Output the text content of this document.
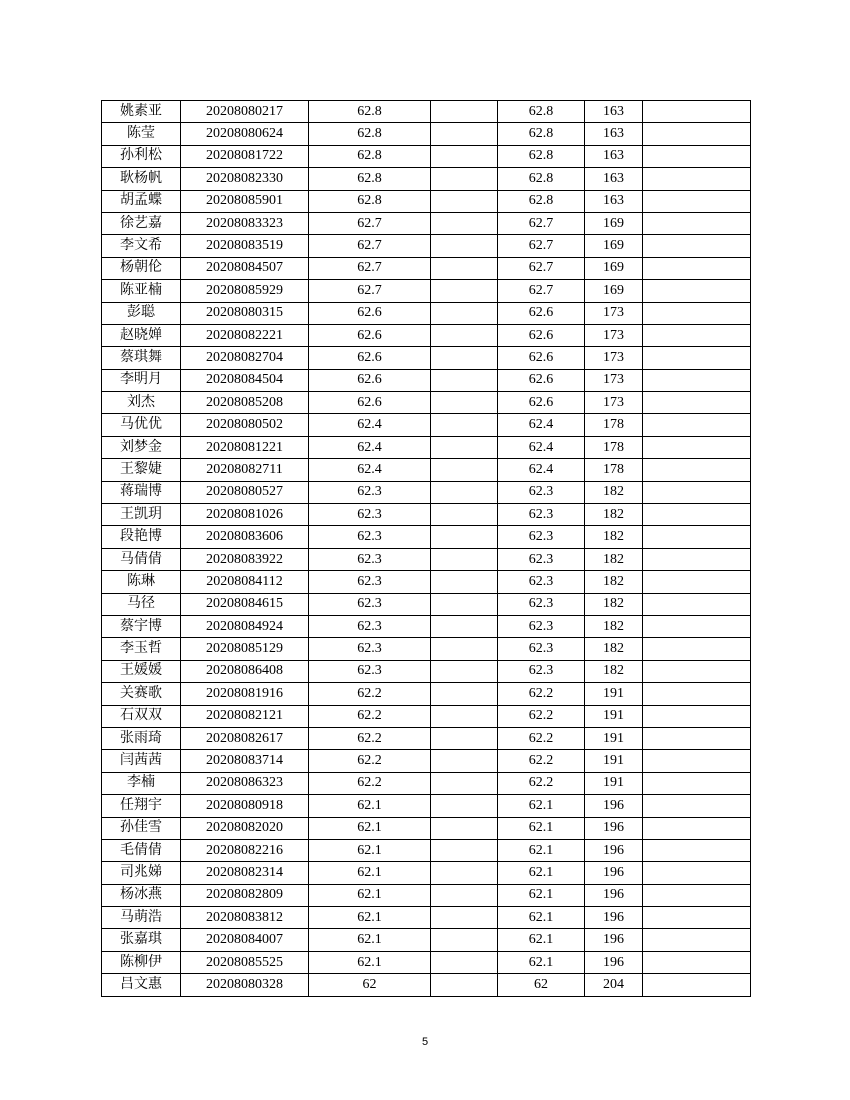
姚素亚	20208080217	62.8		62.8	163	
陈莹	20208080624	62.8		62.8	163	
孙利松	20208081722	62.8		62.8	163	
耿杨帆	20208082330	62.8		62.8	163	
胡孟蝶	20208085901	62.8		62.8	163	
徐艺嘉	20208083323	62.7		62.7	169	
李文希	20208083519	62.7		62.7	169	
杨朝伦	20208084507	62.7		62.7	169	
陈亚楠	20208085929	62.7		62.7	169	
彭聪	20208080315	62.6		62.6	173	
赵晓婵	20208082221	62.6		62.6	173	
蔡琪舞	20208082704	62.6		62.6	173	
李明月	20208084504	62.6		62.6	173	
刘杰	20208085208	62.6		62.6	173	
马优优	20208080502	62.4		62.4	178	
刘梦金	20208081221	62.4		62.4	178	
王黎婕	20208082711	62.4		62.4	178	
蒋瑞博	20208080527	62.3		62.3	182	
王凯玥	20208081026	62.3		62.3	182	
段艳博	20208083606	62.3		62.3	182	
马倩倩	20208083922	62.3		62.3	182	
陈琳	20208084112	62.3		62.3	182	
马径	20208084615	62.3		62.3	182	
蔡宇博	20208084924	62.3		62.3	182	
李玉哲	20208085129	62.3		62.3	182	
王媛媛	20208086408	62.3		62.3	182	
关赛歌	20208081916	62.2		62.2	191	
石双双	20208082121	62.2		62.2	191	
张雨琦	20208082617	62.2		62.2	191	
闫茜茜	20208083714	62.2		62.2	191	
李楠	20208086323	62.2		62.2	191	
任翔宇	20208080918	62.1		62.1	196	
孙佳雪	20208082020	62.1		62.1	196	
毛倩倩	20208082216	62.1		62.1	196	
司兆娣	20208082314	62.1		62.1	196	
杨冰燕	20208082809	62.1		62.1	196	
马萌浩	20208083812	62.1		62.1	196	
张嘉琪	20208084007	62.1		62.1	196	
陈柳伊	20208085525	62.1		62.1	196	
吕文惠	20208080328	62		62	204	
5
